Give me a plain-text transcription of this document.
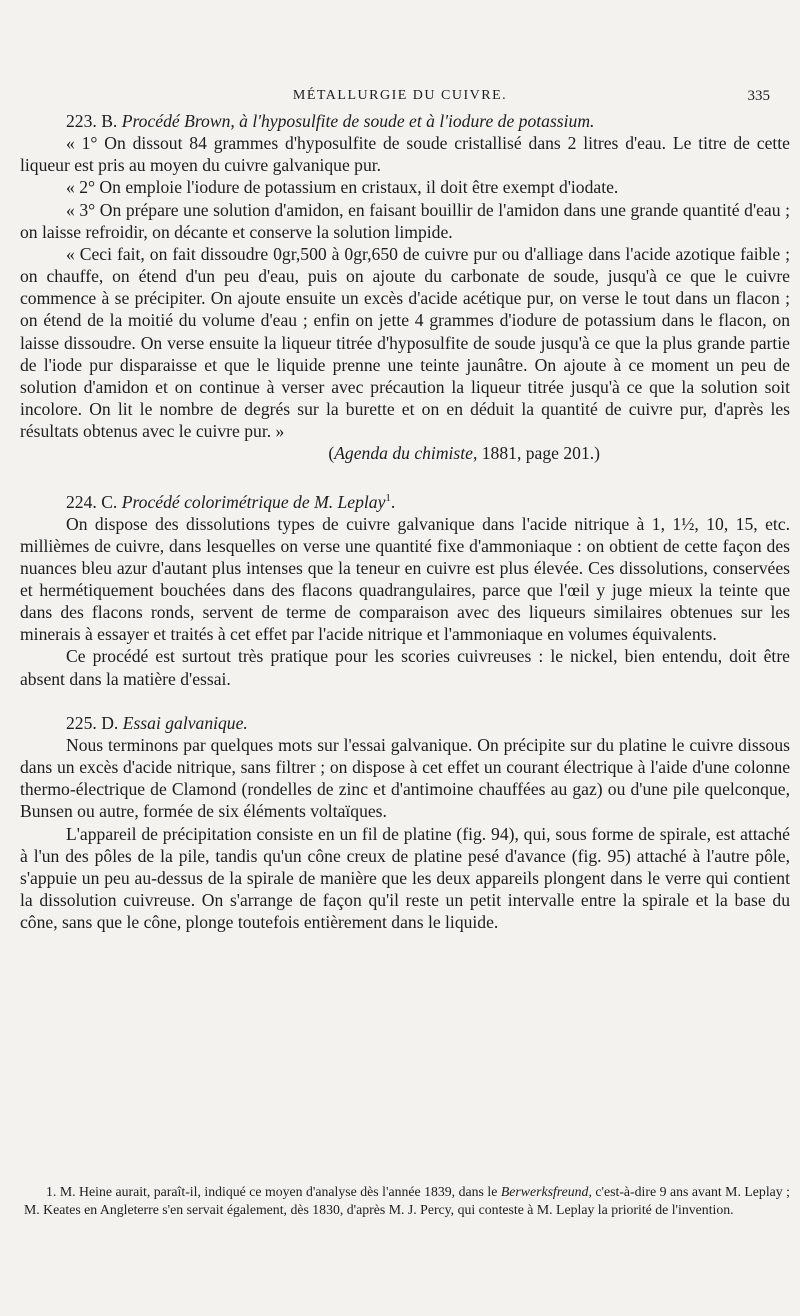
MÉTALLURGIE DU CUIVRE.	335

223. B. Procédé Brown, à l'hyposulfite de soude et à l'iodure de potassium.

« 1° On dissout 84 grammes d'hyposulfite de soude cristallisé dans 2 litres d'eau. Le titre de cette liqueur est pris au moyen du cuivre galvanique pur.

« 2° On emploie l'iodure de potassium en cristaux, il doit être exempt d'iodate.

« 3° On prépare une solution d'amidon, en faisant bouillir de l'amidon dans une grande quantité d'eau ; on laisse refroidir, on décante et conserve la solution limpide.

« Ceci fait, on fait dissoudre 0gr,500 à 0gr,650 de cuivre pur ou d'alliage dans l'acide azotique faible ; on chauffe, on étend d'un peu d'eau, puis on ajoute du carbonate de soude, jusqu'à ce que le cuivre commence à se précipiter. On ajoute ensuite un excès d'acide acétique pur, on verse le tout dans un flacon ; on étend de la moitié du volume d'eau ; enfin on jette 4 grammes d'iodure de potassium dans le flacon, on laisse dissoudre. On verse ensuite la liqueur titrée d'hyposulfite de soude jusqu'à ce que la plus grande partie de l'iode pur disparaisse et que le liquide prenne une teinte jaunâtre. On ajoute à ce moment un peu de solution d'amidon et on continue à verser avec précaution la liqueur titrée jusqu'à ce que la solution soit incolore. On lit le nombre de degrés sur la burette et on en déduit la quantité de cuivre pur, d'après les résultats obtenus avec le cuivre pur. »

(Agenda du chimiste, 1881, page 201.)

224. C. Procédé colorimétrique de M. Leplay$^1$.

On dispose des dissolutions types de cuivre galvanique dans l'acide nitrique à 1, 1½, 10, 15, etc. millièmes de cuivre, dans lesquelles on verse une quantité fixe d'ammoniaque : on obtient de cette façon des nuances bleu azur d'autant plus intenses que la teneur en cuivre est plus élevée. Ces dissolutions, conservées et hermétiquement bouchées dans des flacons quadrangulaires, parce que l'œil y juge mieux la teinte que dans des flacons ronds, servent de terme de comparaison avec des liqueurs similaires obtenues sur les minerais à essayer et traités à cet effet par l'acide nitrique et l'ammoniaque en volumes équivalents.

Ce procédé est surtout très pratique pour les scories cuivreuses : le nickel, bien entendu, doit être absent dans la matière d'essai.

225. D. Essai galvanique.

Nous terminons par quelques mots sur l'essai galvanique. On précipite sur du platine le cuivre dissous dans un excès d'acide nitrique, sans filtrer ; on dispose à cet effet un courant électrique à l'aide d'une colonne thermo-électrique de Clamond (rondelles de zinc et d'antimoine chauffées au gaz) ou d'une pile quelconque, Bunsen ou autre, formée de six éléments voltaïques.

L'appareil de précipitation consiste en un fil de platine (fig. 94), qui, sous forme de spirale, est attaché à l'un des pôles de la pile, tandis qu'un cône creux de platine pesé d'avance (fig. 95) attaché à l'autre pôle, s'appuie un peu au-dessus de la spirale de manière que les deux appareils plongent dans le verre qui contient la dissolution cuivreuse. On s'arrange de façon qu'il reste un petit intervalle entre la spirale et la base du cône, sans que le cône, plonge toutefois entièrement dans le liquide.

1. M. Heine aurait, paraît-il, indiqué ce moyen d'analyse dès l'année 1839, dans le Berwerksfreund, c'est-à-dire 9 ans avant M. Leplay ; M. Keates en Angleterre s'en servait également, dès 1830, d'après M. J. Percy, qui conteste à M. Leplay la priorité de l'invention.
